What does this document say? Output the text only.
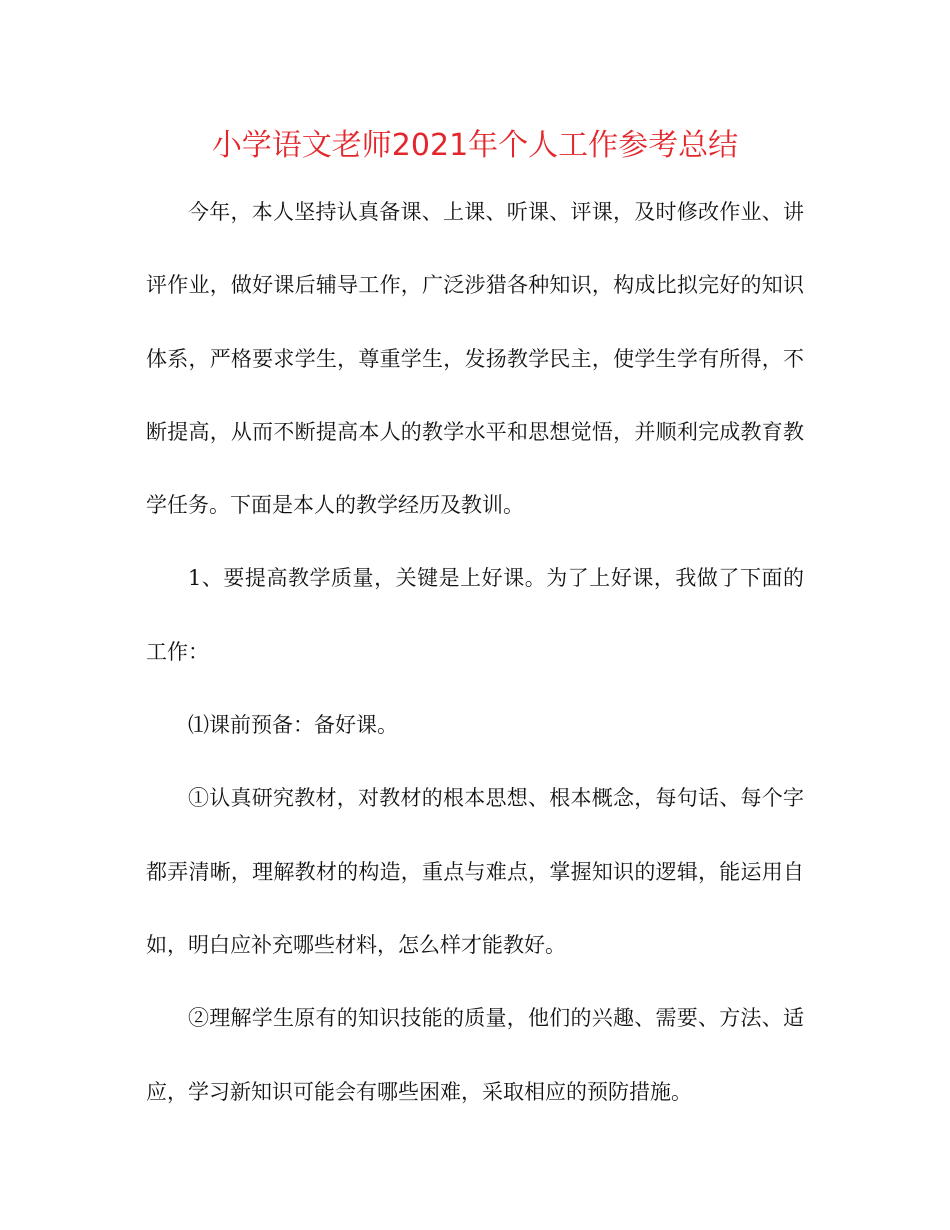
小学语文老师2021年个人工作参考总结

今年，本人坚持认真备课、上课、听课、评课，及时修改作业、讲评作业，做好课后辅导工作，广泛涉猎各种知识，构成比拟完好的知识体系，严格要求学生，尊重学生，发扬教学民主，使学生学有所得，不断提高，从而不断提高本人的教学水平和思想觉悟，并顺利完成教育教学任务。下面是本人的教学经历及教训。

1、要提高教学质量，关键是上好课。为了上好课，我做了下面的工作：

⑴课前预备：备好课。

①认真研究教材，对教材的根本思想、根本概念，每句话、每个字都弄清晰，理解教材的构造，重点与难点，掌握知识的逻辑，能运用自如，明白应补充哪些材料，怎么样才能教好。

②理解学生原有的知识技能的质量，他们的兴趣、需要、方法、适应，学习新知识可能会有哪些困难，采取相应的预防措施。
